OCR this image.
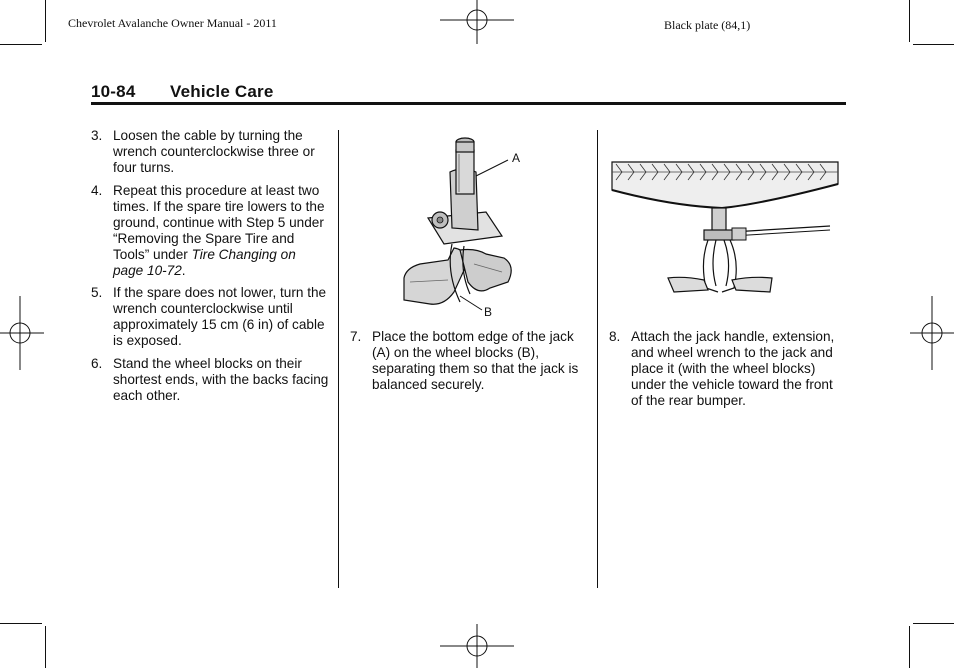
Chevrolet Avalanche Owner Manual - 2011	Black plate (84,1)
10-84 Vehicle Care
3. Loosen the cable by turning the wrench counterclockwise three or four turns.
4. Repeat this procedure at least two times. If the spare tire lowers to the ground, continue with Step 5 under “Removing the Spare Tire and Tools” under Tire Changing on page 10-72.
5. If the spare does not lower, turn the wrench counterclockwise until approximately 15 cm (6 in) of cable is exposed.
6. Stand the wheel blocks on their shortest ends, with the backs facing each other.
A
B
7. Place the bottom edge of the jack (A) on the wheel blocks (B), separating them so that the jack is balanced securely.
8. Attach the jack handle, extension, and wheel wrench to the jack and place it (with the wheel blocks) under the vehicle toward the front of the rear bumper.
